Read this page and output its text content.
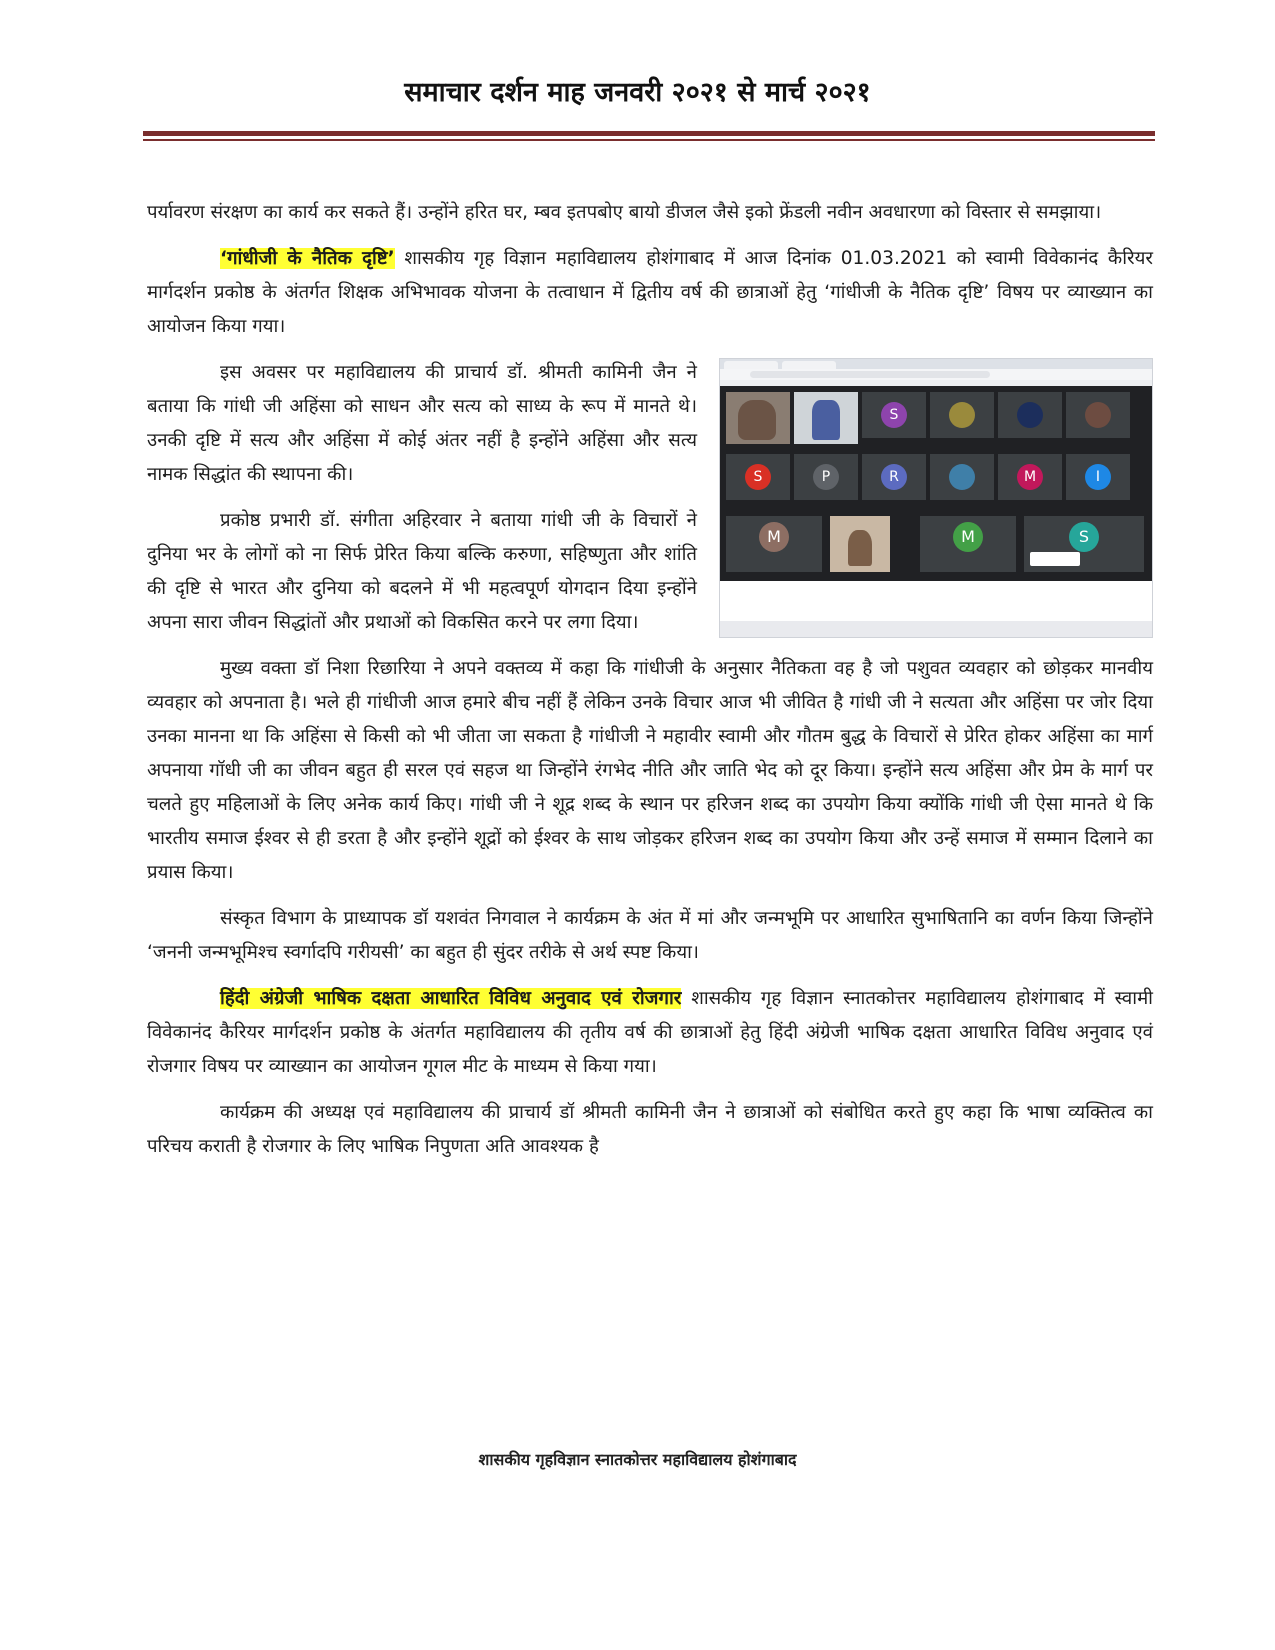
समाचार दर्शन माह जनवरी २०२१ से मार्च २०२१

पर्यावरण संरक्षण का कार्य कर सकते हैं। उन्होंने हरित घर, म्बव इतपबोए बायो डीजल जैसे इको फ्रेंडली नवीन अवधारणा को विस्तार से समझाया।

‘गांधीजी के नैतिक दृष्टि’ शासकीय गृह विज्ञान महाविद्यालय होशंगाबाद में आज दिनांक 01.03.2021 को स्वामी विवेकानंद कैरियर मार्गदर्शन प्रकोष्ठ के अंतर्गत शिक्षक अभिभावक योजना के तत्वाधान में द्वितीय वर्ष की छात्राओं हेतु ‘गांधीजी के नैतिक दृष्टि’ विषय पर व्याख्यान का आयोजन किया गया।

S
S	P	R	M	I
M	M	S

इस अवसर पर महाविद्यालय की प्राचार्य डॉ. श्रीमती कामिनी जैन ने बताया कि गांधी जी अहिंसा को साधन और सत्य को साध्य के रूप में मानते थे। उनकी दृष्टि में सत्य और अहिंसा में कोई अंतर नहीं है इन्होंने अहिंसा और सत्य नामक सिद्धांत की स्थापना की।

प्रकोष्ठ प्रभारी डॉ. संगीता अहिरवार ने बताया गांधी जी के विचारों ने दुनिया भर के लोगों को ना सिर्फ प्रेरित किया बल्कि करुणा, सहिष्णुता और शांति की दृष्टि से भारत और दुनिया को बदलने में भी महत्वपूर्ण योगदान दिया इन्होंने अपना सारा जीवन सिद्धांतों और प्रथाओं को विकसित करने पर लगा दिया।

मुख्य वक्ता डॉ निशा रिछारिया ने अपने वक्तव्य में कहा कि गांधीजी के अनुसार नैतिकता वह है जो पशुवत व्यवहार को छोड़कर मानवीय व्यवहार को अपनाता है। भले ही गांधीजी आज हमारे बीच नहीं हैं लेकिन उनके विचार आज भी जीवित है गांधी जी ने सत्यता और अहिंसा पर जोर दिया उनका मानना था कि अहिंसा से किसी को भी जीता जा सकता है गांधीजी ने महावीर स्वामी और गौतम बुद्ध के विचारों से प्रेरित होकर अहिंसा का मार्ग अपनाया गॉधी जी का जीवन बहुत ही सरल एवं सहज था जिन्होंने रंगभेद नीति और जाति भेद को दूर किया। इन्होंने सत्य अहिंसा और प्रेम के मार्ग पर चलते हुए महिलाओं के लिए अनेक कार्य किए। गांधी जी ने शूद्र शब्द के स्थान पर हरिजन शब्द का उपयोग किया क्योंकि गांधी जी ऐसा मानते थे कि भारतीय समाज ईश्वर से ही डरता है और इन्होंने शूद्रों को ईश्वर के साथ जोड़कर हरिजन शब्द का उपयोग किया और उन्हें समाज में सम्मान दिलाने का प्रयास किया।

संस्कृत विभाग के प्राध्यापक डॉ यशवंत निगवाल ने कार्यक्रम के अंत में मां और जन्मभूमि पर आधारित सुभाषितानि का वर्णन किया जिन्होंने ‘जननी जन्मभूमिश्च स्वर्गादपि गरीयसी’ का बहुत ही सुंदर तरीके से अर्थ स्पष्ट किया।

हिंदी अंग्रेजी भाषिक दक्षता आधारित विविध अनुवाद एवं रोजगार शासकीय गृह विज्ञान स्नातकोत्तर महाविद्यालय होशंगाबाद में स्वामी विवेकानंद कैरियर मार्गदर्शन प्रकोष्ठ के अंतर्गत महाविद्यालय की तृतीय वर्ष की छात्राओं हेतु हिंदी अंग्रेजी भाषिक दक्षता आधारित विविध अनुवाद एवं रोजगार विषय पर व्याख्यान का आयोजन गूगल मीट के माध्यम से किया गया।

कार्यक्रम की अध्यक्ष एवं महाविद्यालय की प्राचार्य डॉ श्रीमती कामिनी जैन ने छात्राओं को संबोधित करते हुए कहा कि भाषा व्यक्तित्व का परिचय कराती है रोजगार के लिए भाषिक निपुणता अति आवश्यक है

शासकीय गृहविज्ञान स्नातकोत्तर महाविद्यालय होशंगाबाद
